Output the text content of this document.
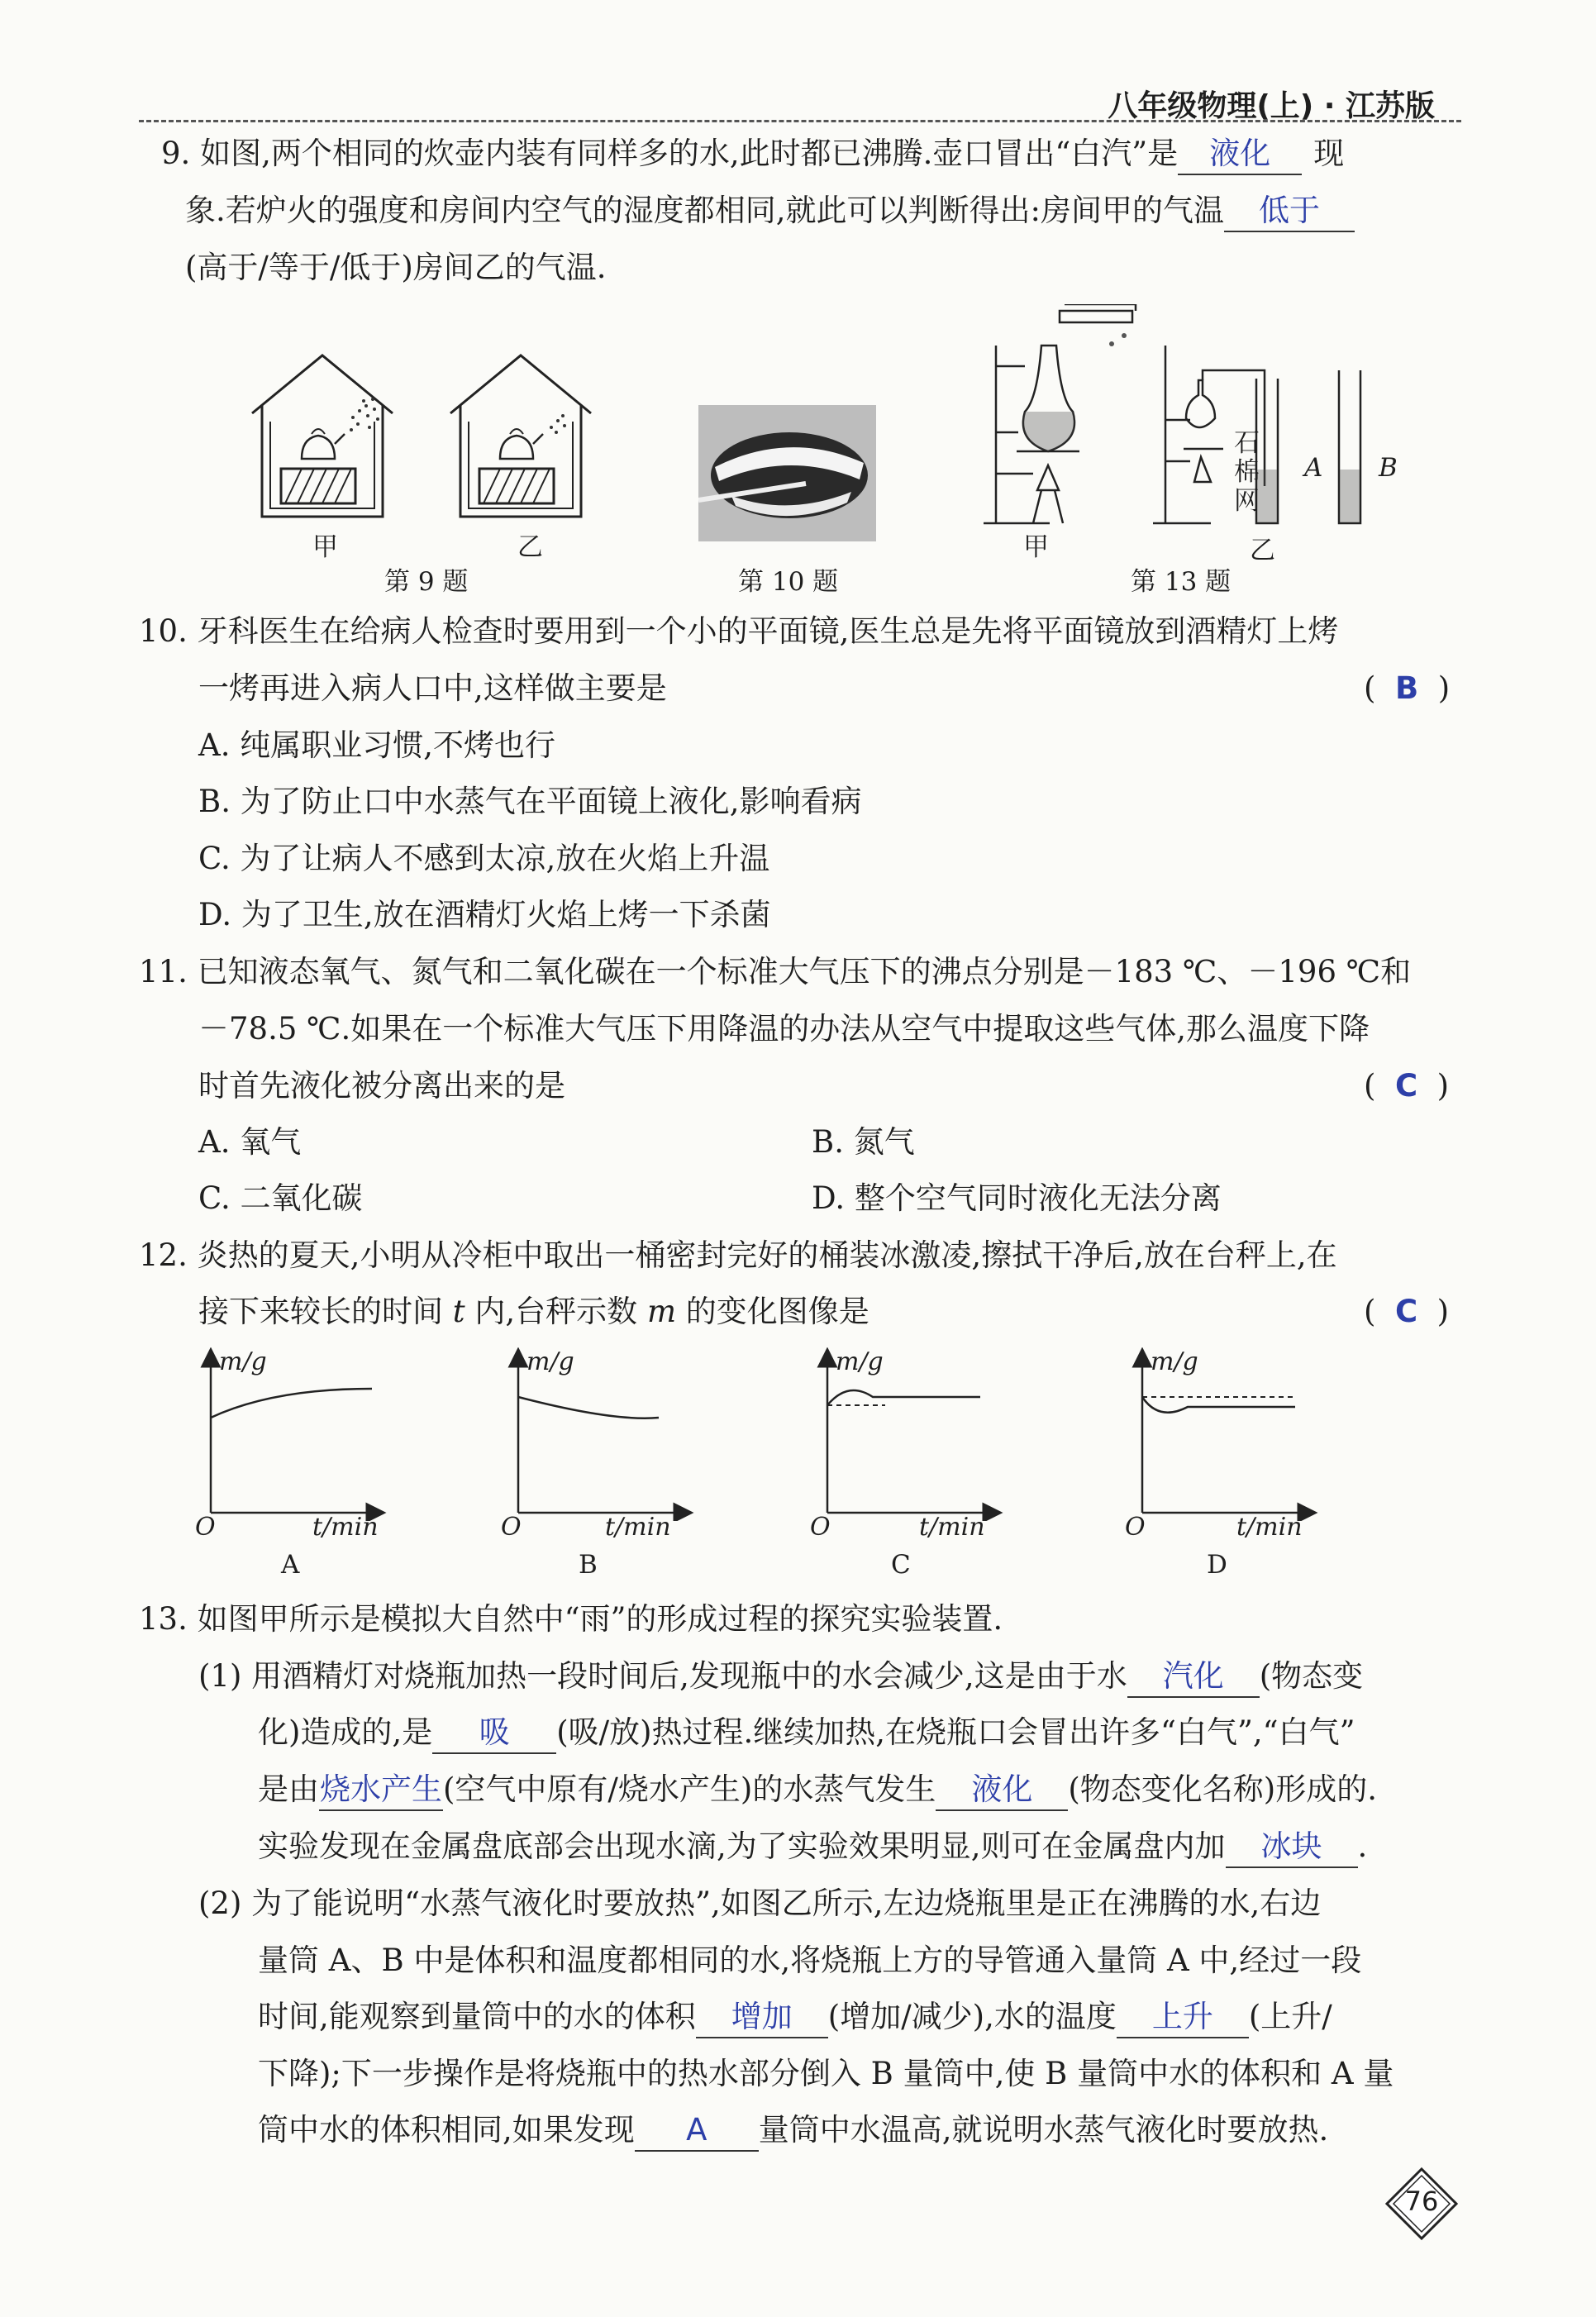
八年级物理(上) · 江苏版
9. 如图,两个相同的炊壶内装有同样多的水,此时都已沸腾.壶口冒出“白汽”是 液化 现
象.若炉火的强度和房间内空气的湿度都相同,就此可以判断得出:房间甲的气温 低于
(高于/等于/低于)房间乙的气温.
甲	乙
第 9 题	第 10 题
石
棉
网
A B
甲	乙
第 13 题
10. 牙科医生在给病人检查时要用到一个小的平面镜,医生总是先将平面镜放到酒精灯上烤
一烤再进入病人口中,这样做主要是	(  B  )
A. 纯属职业习惯,不烤也行
B. 为了防止口中水蒸气在平面镜上液化,影响看病
C. 为了让病人不感到太凉,放在火焰上升温
D. 为了卫生,放在酒精灯火焰上烤一下杀菌
11. 已知液态氧气、氮气和二氧化碳在一个标准大气压下的沸点分别是－183 ℃、－196 ℃和
－78.5 ℃.如果在一个标准大气压下用降温的办法从空气中提取这些气体,那么温度下降
时首先液化被分离出来的是	(  C  )
A. 氧气	B. 氮气
C. 二氧化碳	D. 整个空气同时液化无法分离
12. 炎热的夏天,小明从冷柜中取出一桶密封完好的桶装冰激凌,擦拭干净后,放在台秤上,在
接下来较长的时间 t 内,台秤示数 m 的变化图像是	(  C  )
m/g	m/g	m/g	m/g
O	O	O	O
t/min	t/min	t/min	t/min
A	B	C	D
13. 如图甲所示是模拟大自然中“雨”的形成过程的探究实验装置.
(1) 用酒精灯对烧瓶加热一段时间后,发现瓶中的水会减少,这是由于水 汽化 (物态变
化)造成的,是 吸 (吸/放)热过程.继续加热,在烧瓶口会冒出许多“白气”,“白气”
是由烧水产生(空气中原有/烧水产生)的水蒸气发生 液化 (物态变化名称)形成的.
实验发现在金属盘底部会出现水滴,为了实验效果明显,则可在金属盘内加 冰块 .
(2) 为了能说明“水蒸气液化时要放热”,如图乙所示,左边烧瓶里是正在沸腾的水,右边
量筒 A、B 中是体积和温度都相同的水,将烧瓶上方的导管通入量筒 A 中,经过一段
时间,能观察到量筒中的水的体积 增加 (增加/减少),水的温度 上升 (上升/
下降);下一步操作是将烧瓶中的热水部分倒入 B 量筒中,使 B 量筒中水的体积和 A 量
筒中水的体积相同,如果发现 A 量筒中水温高,就说明水蒸气液化时要放热.
76
